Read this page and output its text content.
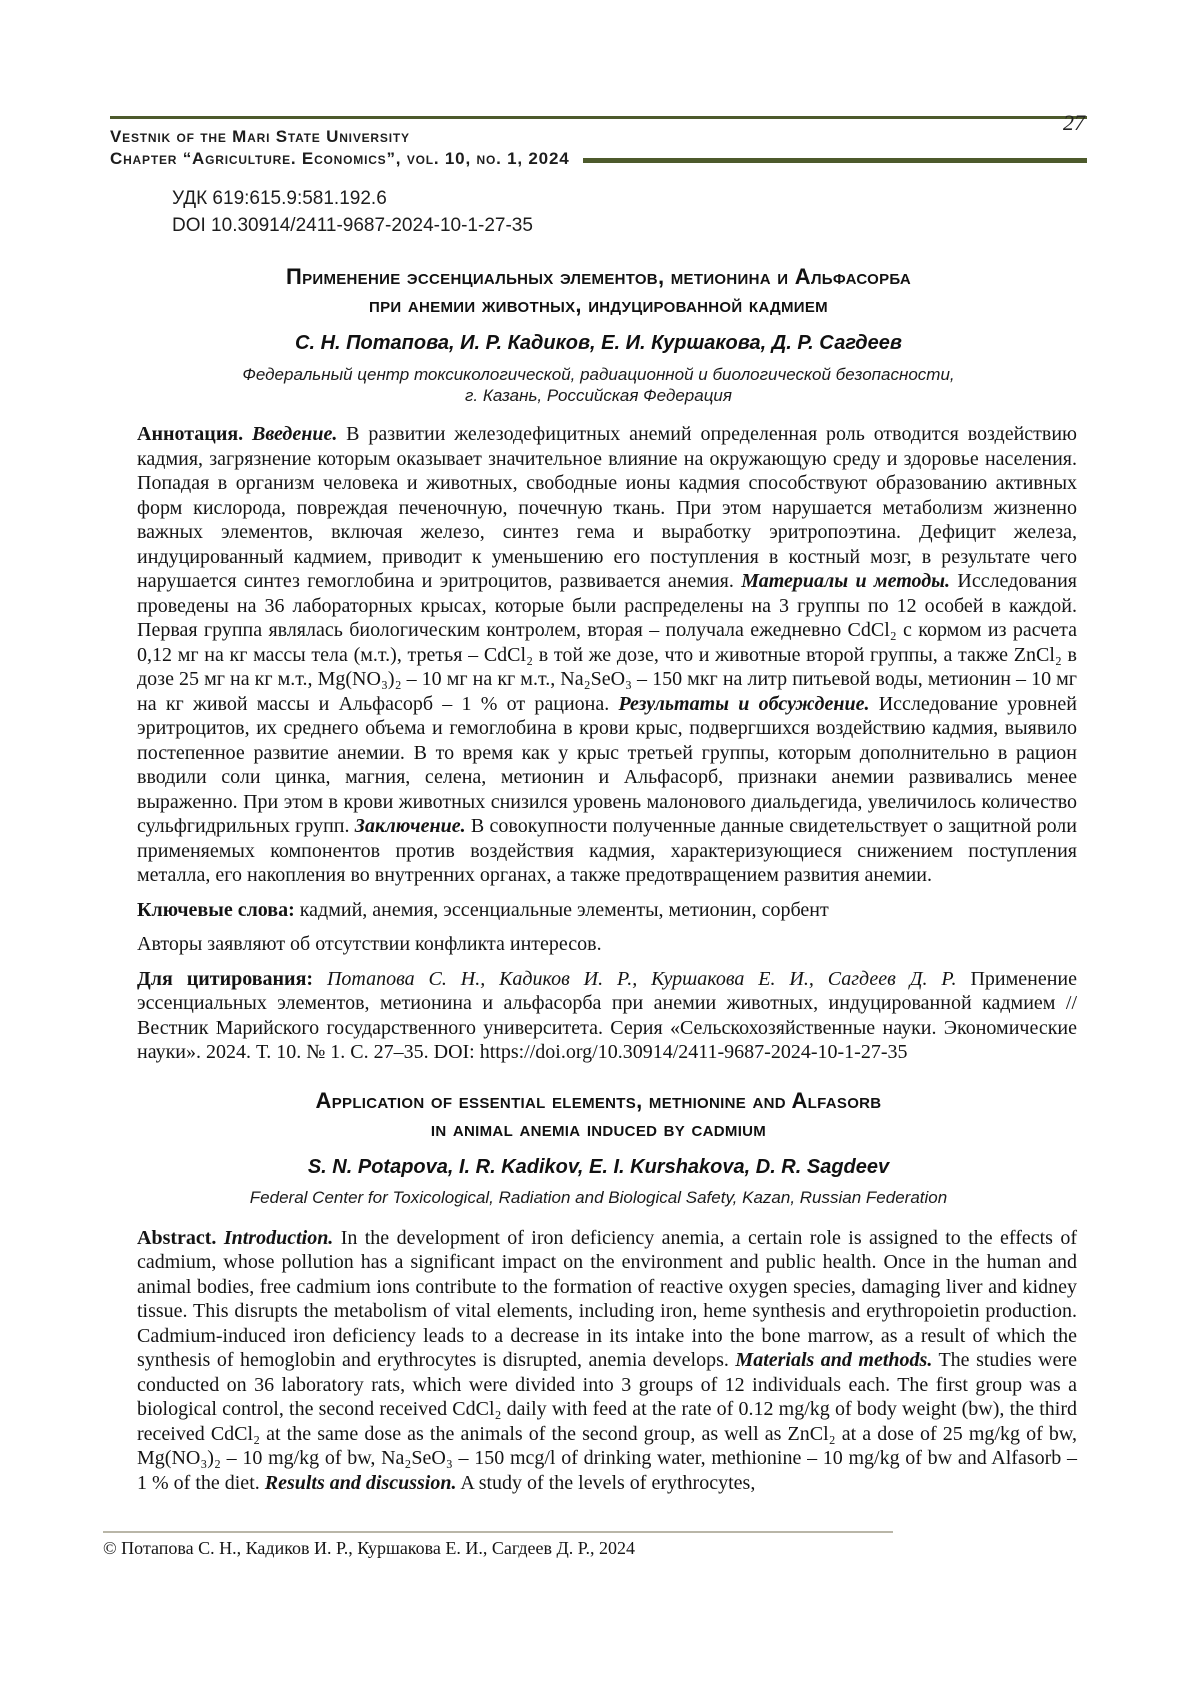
27
Vestnik of the Mari State University
Chapter “Agriculture. Economics”, vol. 10, no. 1, 2024
УДК 619:615.9:581.192.6
DOI 10.30914/2411-9687-2024-10-1-27-35
Применение эссенциальных элементов, метионина и Альфасорба
при анемии животных, индуцированной кадмием
С. Н. Потапова, И. Р. Кадиков, Е. И. Куршакова, Д. Р. Сагдеев
Федеральный центр токсикологической, радиационной и биологической безопасности,
г. Казань, Российская Федерация

Аннотация. Введение. В развитии железодефицитных анемий определенная роль отводится воздействию кадмия, загрязнение которым оказывает значительное влияние на окружающую среду и здоровье населения. Попадая в организм человека и животных, свободные ионы кадмия способствуют образованию активных форм кислорода, повреждая печеночную, почечную ткань. При этом нарушается метаболизм жизненно важных элементов, включая железо, синтез гема и выработку эритропоэтина. Дефицит железа, индуцированный кадмием, приводит к уменьшению его поступления в костный мозг, в результате чего нарушается синтез гемоглобина и эритроцитов, развивается анемия. Материалы и методы. Исследования проведены на 36 лабораторных крысах, которые были распределены на 3 группы по 12 особей в каждой. Первая группа являлась биологическим контролем, вторая – получала ежедневно CdCl₂ с кормом из расчета 0,12 мг на кг массы тела (м.т.), третья – CdCl₂ в той же дозе, что и животные второй группы, а также ZnCl₂ в дозе 25 мг на кг м.т., Mg(NO₃)₂ – 10 мг на кг м.т., Na₂SeO₃ – 150 мкг на литр питьевой воды, метионин – 10 мг на кг живой массы и Альфасорб – 1 % от рациона. Результаты и обсуждение. Исследование уровней эритроцитов, их среднего объема и гемоглобина в крови крыс, подвергшихся воздействию кадмия, выявило постепенное развитие анемии. В то время как у крыс третьей группы, которым дополнительно в рацион вводили соли цинка, магния, селена, метионин и Альфасорб, признаки анемии развивались менее выраженно. При этом в крови животных снизился уровень малонового диальдегида, увеличилось количество сульфгидрильных групп. Заключение. В совокупности полученные данные свидетельствует о защитной роли применяемых компонентов против воздействия кадмия, характеризующиеся снижением поступления металла, его накопления во внутренних органах, а также предотвращением развития анемии.

Ключевые слова: кадмий, анемия, эссенциальные элементы, метионин, сорбент

Авторы заявляют об отсутствии конфликта интересов.

Для цитирования: Потапова С. Н., Кадиков И. Р., Куршакова Е. И., Сагдеев Д. Р. Применение эссенциальных элементов, метионина и альфасорба при анемии животных, индуцированной кадмием // Вестник Марийского государственного университета. Серия «Сельскохозяйственные науки. Экономические науки». 2024. Т. 10. № 1. С. 27–35. DOI: https://doi.org/10.30914/2411-9687-2024-10-1-27-35

Application of essential elements, methionine and Alfasorb
in animal anemia induced by cadmium
S. N. Potapova, I. R. Kadikov, E. I. Kurshakova, D. R. Sagdeev
Federal Center for Toxicological, Radiation and Biological Safety, Kazan, Russian Federation

Abstract. Introduction. In the development of iron deficiency anemia, a certain role is assigned to the effects of cadmium, whose pollution has a significant impact on the environment and public health. Once in the human and animal bodies, free cadmium ions contribute to the formation of reactive oxygen species, damaging liver and kidney tissue. This disrupts the metabolism of vital elements, including iron, heme synthesis and erythropoietin production. Cadmium-induced iron deficiency leads to a decrease in its intake into the bone marrow, as a result of which the synthesis of hemoglobin and erythrocytes is disrupted, anemia develops. Materials and methods. The studies were conducted on 36 laboratory rats, which were divided into 3 groups of 12 individuals each. The first group was a biological control, the second received CdCl₂ daily with feed at the rate of 0.12 mg/kg of body weight (bw), the third received CdCl₂ at the same dose as the animals of the second group, as well as ZnCl₂ at a dose of 25 mg/kg of bw, Mg(NO₃)₂ – 10 mg/kg of bw, Na₂SeO₃ – 150 mcg/l of drinking water, methionine – 10 mg/kg of bw and Alfasorb – 1 % of the diet. Results and discussion. A study of the levels of erythrocytes,

© Потапова С. Н., Кадиков И. Р., Куршакова Е. И., Сагдеев Д. Р., 2024
